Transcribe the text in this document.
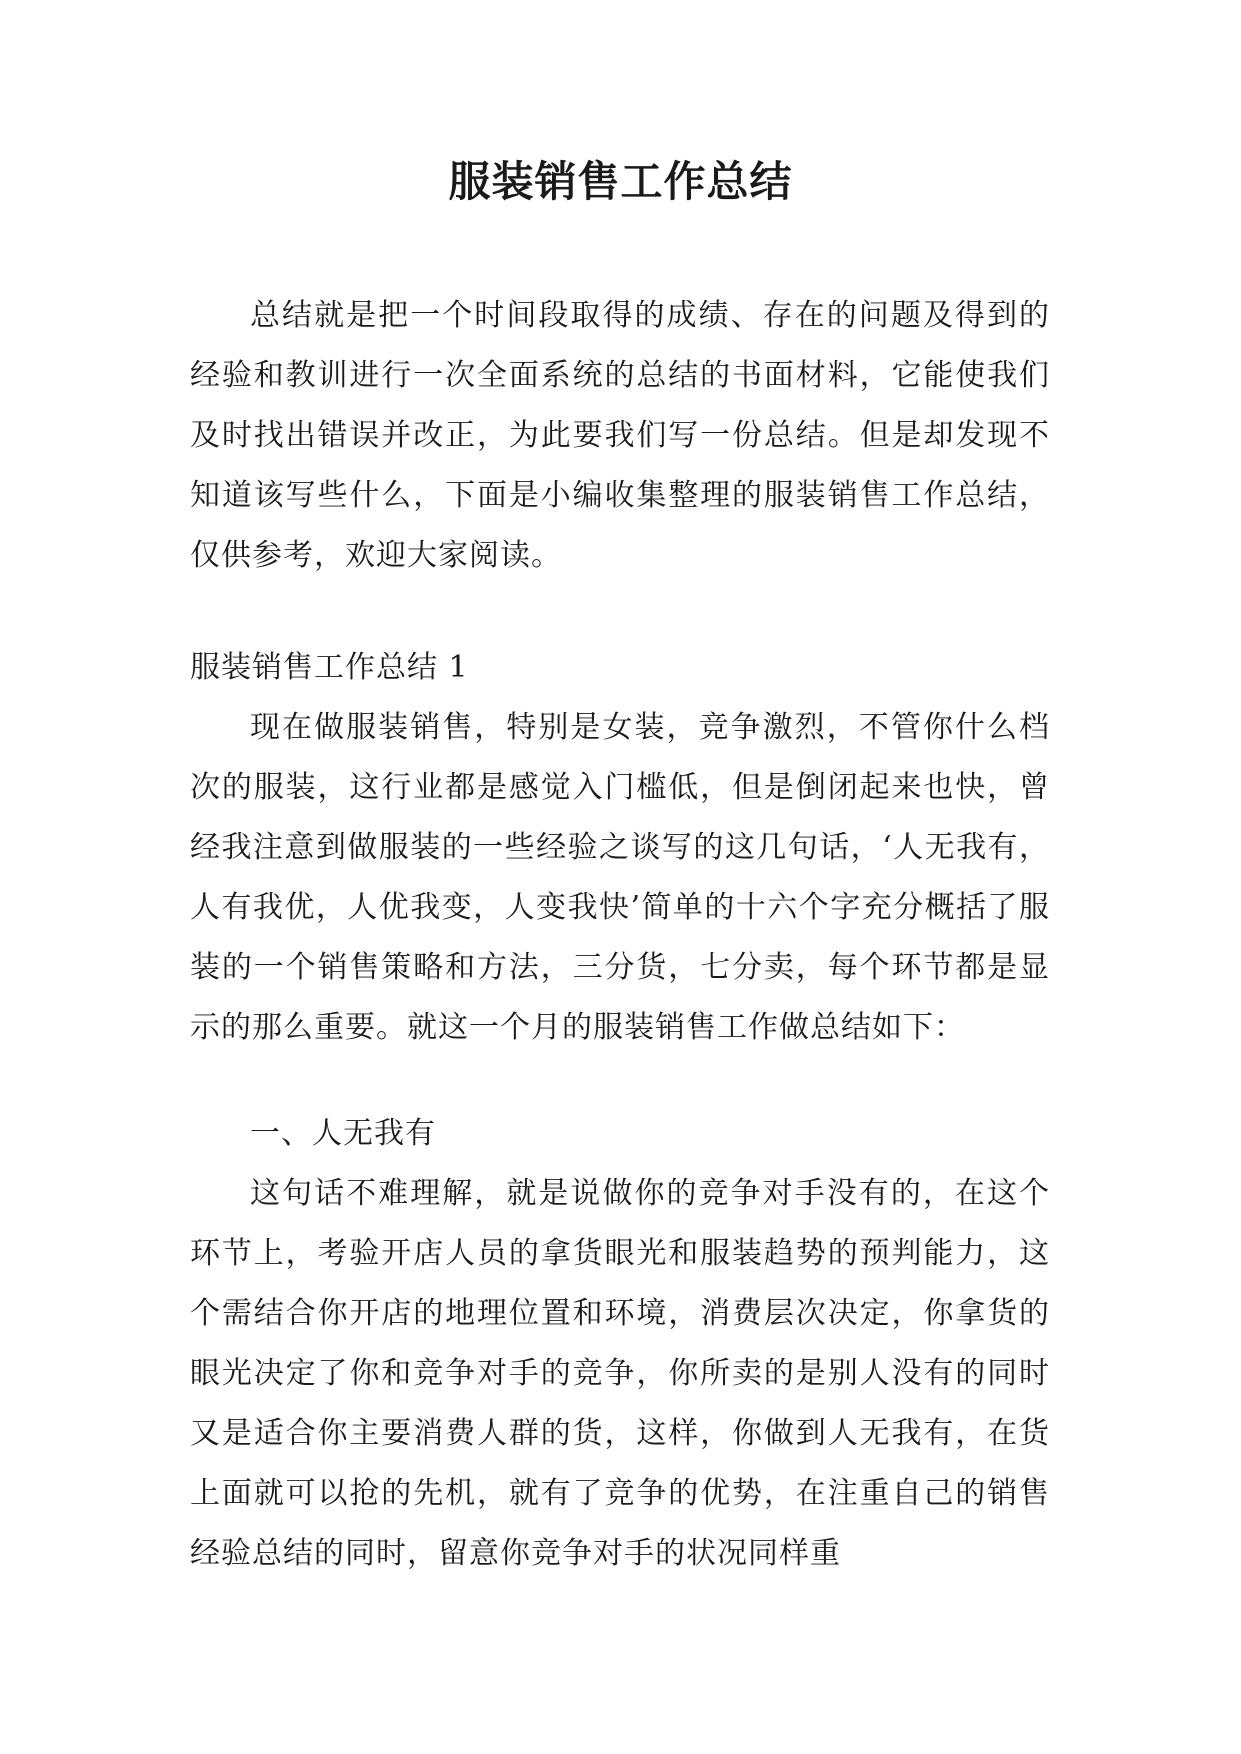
服装销售工作总结

总结就是把一个时间段取得的成绩、存在的问题及得到的经验和教训进行一次全面系统的总结的书面材料，它能使我们及时找出错误并改正，为此要我们写一份总结。但是却发现不知道该写些什么，下面是小编收集整理的服装销售工作总结，仅供参考，欢迎大家阅读。

服装销售工作总结 1

现在做服装销售，特别是女装，竞争激烈，不管你什么档次的服装，这行业都是感觉入门槛低，但是倒闭起来也快，曾经我注意到做服装的一些经验之谈写的这几句话，‘人无我有，人有我优，人优我变，人变我快’简单的十六个字充分概括了服装的一个销售策略和方法，三分货，七分卖，每个环节都是显示的那么重要。就这一个月的服装销售工作做总结如下：

一、人无我有

这句话不难理解，就是说做你的竞争对手没有的，在这个环节上，考验开店人员的拿货眼光和服装趋势的预判能力，这个需结合你开店的地理位置和环境，消费层次决定，你拿货的眼光决定了你和竞争对手的竞争，你所卖的是别人没有的同时又是适合你主要消费人群的货，这样，你做到人无我有，在货上面就可以抢的先机，就有了竞争的优势，在注重自己的销售经验总结的同时，留意你竞争对手的状况同样重
